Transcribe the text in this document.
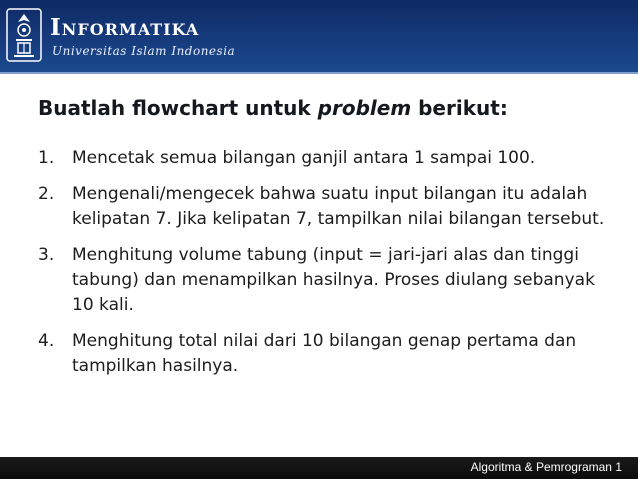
Informatika
Universitas Islam Indonesia
Buatlah flowchart untuk problem berikut:
1. Mencetak semua bilangan ganjil antara 1 sampai 100.
2. Mengenali/mengecek bahwa suatu input bilangan itu adalah kelipatan 7. Jika kelipatan 7, tampilkan nilai bilangan tersebut.
3. Menghitung volume tabung (input = jari-jari alas dan tinggi tabung) dan menampilkan hasilnya. Proses diulang sebanyak 10 kali.
4. Menghitung total nilai dari 10 bilangan genap pertama dan tampilkan hasilnya.
Algoritma & Pemrograman 1
